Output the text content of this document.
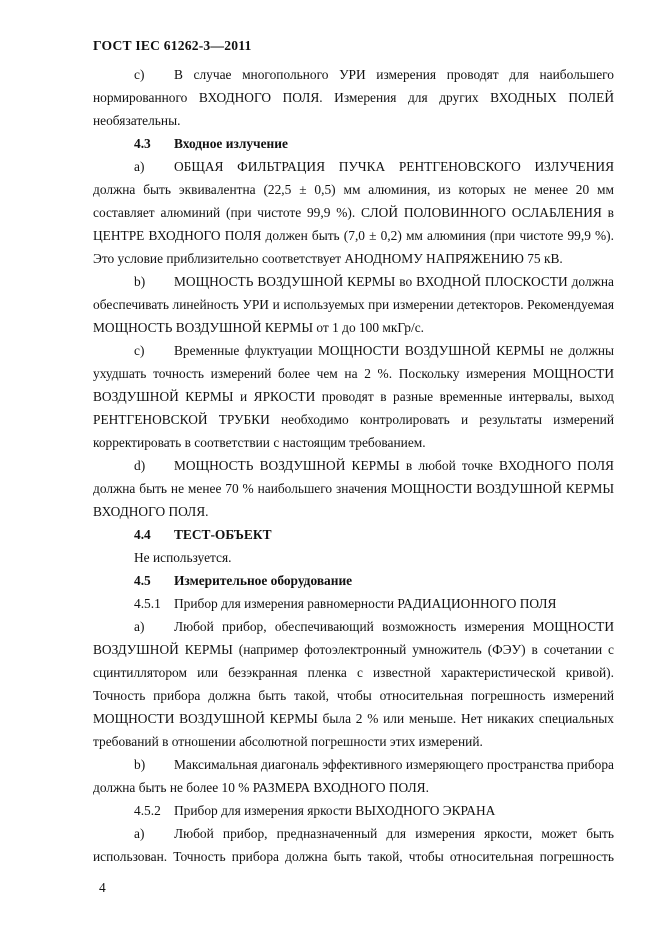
ГОСТ IEC 61262-3—2011
c) В случае многопольного УРИ измерения проводят для наибольшего
нормированного ВХОДНОГО ПОЛЯ. Измерения для других ВХОДНЫХ ПОЛЕЙ
необязательны.
4.3 Входное излучение
a) ОБЩАЯ ФИЛЬТРАЦИЯ ПУЧКА РЕНТГЕНОВСКОГО ИЗЛУЧЕНИЯ
должна быть эквивалентна (22,5 ± 0,5) мм алюминия, из которых не менее 20 мм
составляет алюминий (при чистоте 99,9 %). СЛОЙ ПОЛОВИННОГО ОСЛАБЛЕНИЯ в
ЦЕНТРЕ ВХОДНОГО ПОЛЯ должен быть (7,0 ± 0,2) мм алюминия (при чистоте 99,9 %).
Это условие приблизительно соответствует АНОДНОМУ НАПРЯЖЕНИЮ 75 кВ.
b) МОЩНОСТЬ ВОЗДУШНОЙ КЕРМЫ во ВХОДНОЙ ПЛОСКОСТИ должна
обеспечивать линейность УРИ и используемых при измерении детекторов. Рекомендуемая
МОЩНОСТЬ ВОЗДУШНОЙ КЕРМЫ от 1 до 100 мкГр/с.
c) Временные флуктуации МОЩНОСТИ ВОЗДУШНОЙ КЕРМЫ не должны
ухудшать точность измерений более чем на 2 %. Поскольку измерения МОЩНОСТИ
ВОЗДУШНОЙ КЕРМЫ и ЯРКОСТИ проводят в разные временные интервалы, выход
РЕНТГЕНОВСКОЙ ТРУБКИ необходимо контролировать и результаты измерений
корректировать в соответствии с настоящим требованием.
d) МОЩНОСТЬ ВОЗДУШНОЙ КЕРМЫ в любой точке ВХОДНОГО ПОЛЯ
должна быть не менее 70 % наибольшего значения МОЩНОСТИ ВОЗДУШНОЙ КЕРМЫ
ВХОДНОГО ПОЛЯ.
4.4 ТЕСТ-ОБЪЕКТ
Не используется.
4.5 Измерительное оборудование
4.5.1 Прибор для измерения равномерности РАДИАЦИОННОГО ПОЛЯ
a) Любой прибор, обеспечивающий возможность измерения МОЩНОСТИ
ВОЗДУШНОЙ КЕРМЫ (например фотоэлектронный умножитель (ФЭУ) в сочетании с
сцинтиллятором или безэкранная пленка с известной характеристической кривой).
Точность прибора должна быть такой, чтобы относительная погрешность измерений
МОЩНОСТИ ВОЗДУШНОЙ КЕРМЫ была 2 % или меньше. Нет никаких специальных
требований в отношении абсолютной погрешности этих измерений.
b) Максимальная диагональ эффективного измеряющего пространства прибора
должна быть не более 10 % РАЗМЕРА ВХОДНОГО ПОЛЯ.
4.5.2 Прибор для измерения яркости ВЫХОДНОГО ЭКРАНА
a) Любой прибор, предназначенный для измерения яркости, может быть
использован. Точность прибора должна быть такой, чтобы относительная погрешность
4
